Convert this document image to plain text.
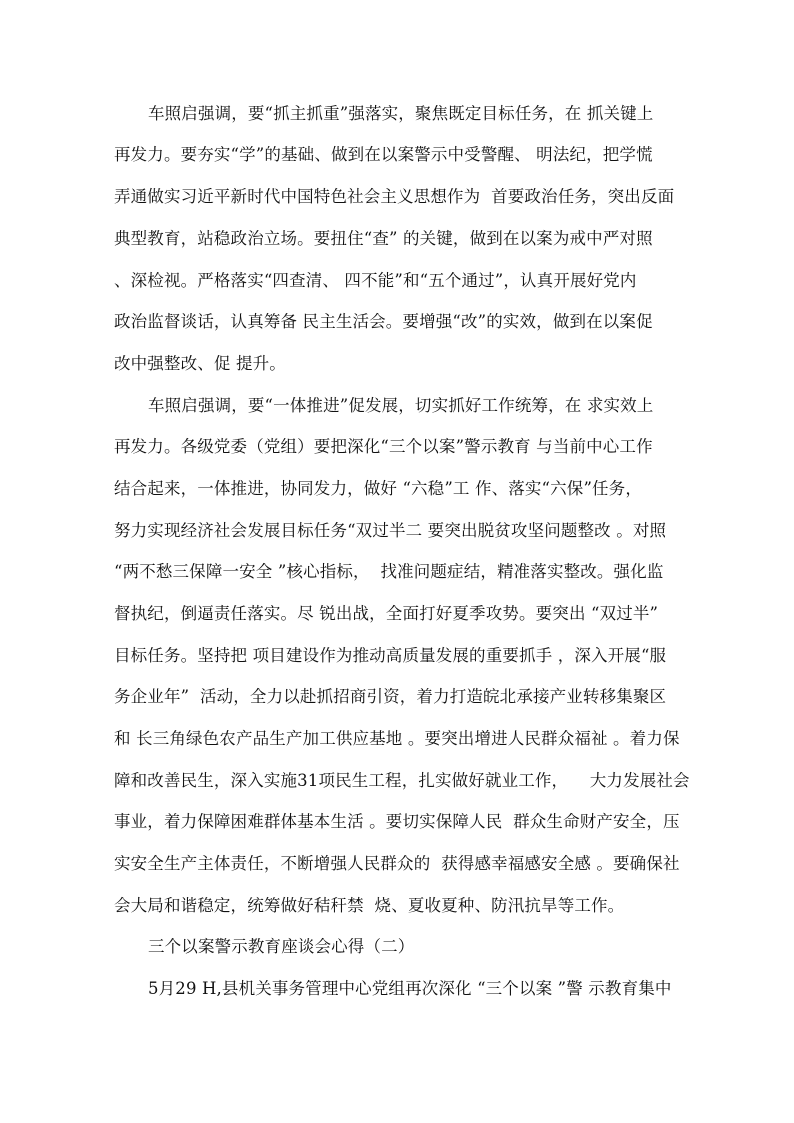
车照启强调，要“抓主抓重”强落实，聚焦既定目标任务，在 抓关键上
再发力。要夯实“学”的基础、做到在以案警示中受警醒、 明法纪，把学慌
弄通做实习近平新时代中国特色社会主义思想作为  首要政治任务，突出反面
典型教育，站稳政治立场。要扭住“查” 的关键，做到在以案为戒中严对照
、深检视。严格落实“四查清、 四不能”和“五个通过”，认真开展好党内
政治监督谈话，认真筹备 民主生活会。要增强“改”的实效，做到在以案促
改中强整改、促 提升。
车照启强调，要“一体推进”促发展，切实抓好工作统筹，在 求实效上
再发力。各级党委（党组）要把深化“三个以案”警示教育 与当前中心工作
结合起来，一体推进，协同发力，做好 “六稳”工 作、落实“六保”任务，
努力实现经济社会发展目标任务“双过半二 要突出脱贫攻坚问题整改 。对照
“两不愁三保障一安全 ”核心指标，  找准问题症结，精准落实整改。强化监
督执纪，倒逼责任落实。尽 锐出战，全面打好夏季攻势。要突出 “双过半”
目标任务。坚持把 项目建设作为推动高质量发展的重要抓手 ，深入开展“服
务企业年”  活动，全力以赴抓招商引资，着力打造皖北承接产业转移集聚区
和 长三角绿色农产品生产加工供应基地 。要突出增进人民群众福祉 。着力保
障和改善民生，深入实施31项民生工程，扎实做好就业工作，    大力发展社会
事业，着力保障困难群体基本生活 。要切实保障人民  群众生命财产安全，压
实安全生产主体责任，不断增强人民群众的  获得感幸福感安全感 。要确保社
会大局和谐稳定，统筹做好秸秆禁  烧、夏收夏种、防汛抗旱等工作。
三个以案警示教育座谈会心得（二）
5月29 H,县机关事务管理中心党组再次深化 “三个以案 ”警 示教育集中
